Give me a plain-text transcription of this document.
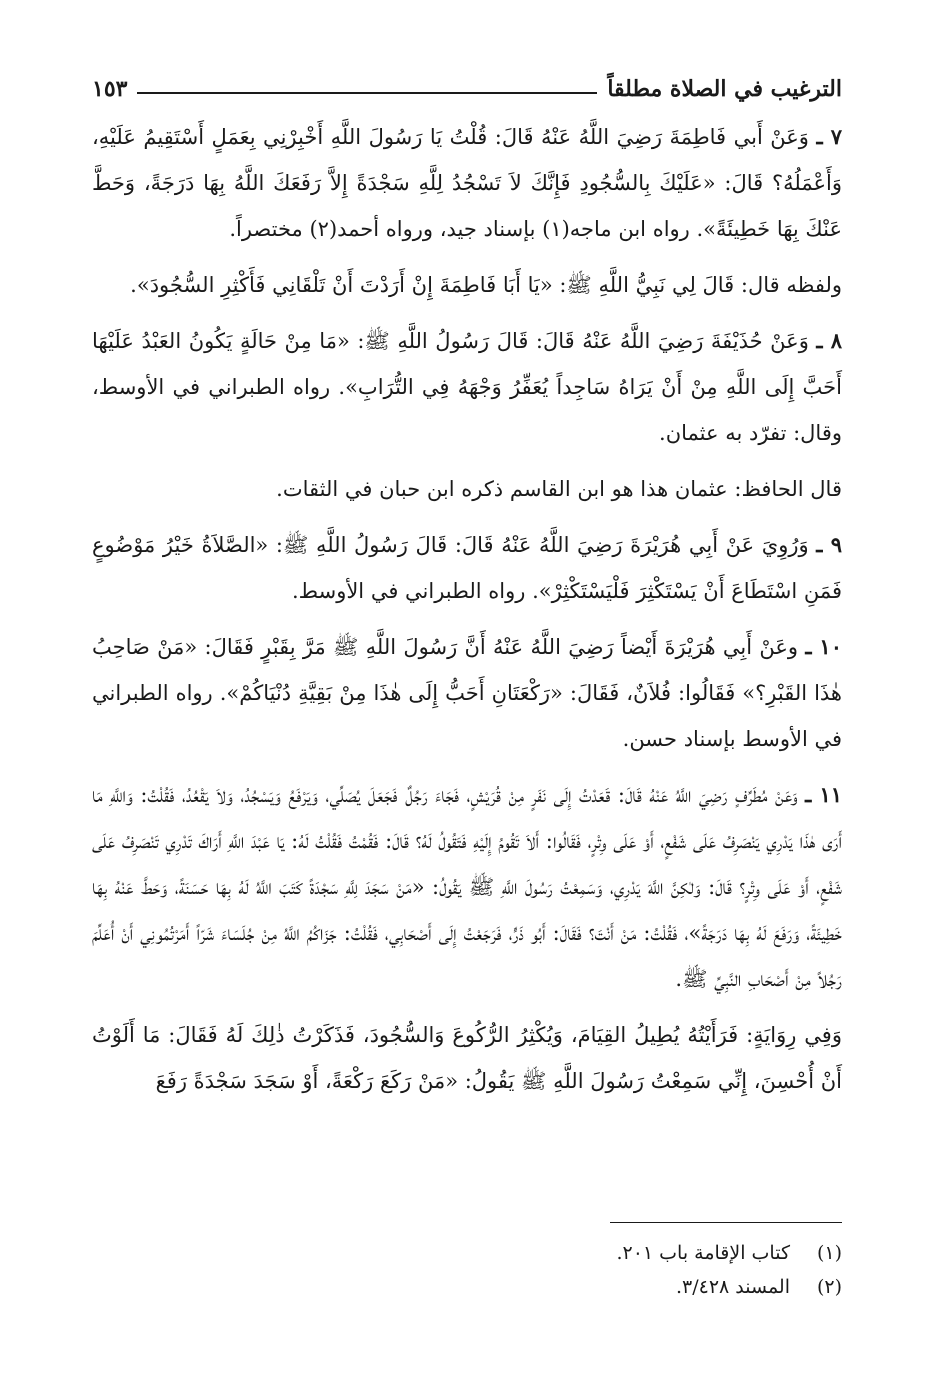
الترغيب في الصلاة مطلقاً
١٥٣

٧ ـ وَعَنْ أَبي فَاطِمَةَ رَضِيَ اللَّهُ عَنْهُ قَالَ: قُلْتُ يَا رَسُولَ اللَّهِ أَخْبِرْنِي بِعَمَلٍ أَسْتَقِيمُ عَلَيْهِ، وَأَعْمَلُهُ؟ قَالَ: «عَلَيْكَ بِالسُّجُودِ فَإِنَّكَ لاَ تَسْجُدُ لِلَّهِ سَجْدَةً إِلاَّ رَفَعَكَ اللَّهُ بِهَا دَرَجَةً، وَحَطَّ عَنْكَ بِهَا خَطِيئَةً». رواه ابن ماجه(١) بإسناد جيد، ورواه أحمد(٢) مختصراً.

ولفظه قال: قَالَ لِي نَبِيُّ اللَّهِ ﷺ: «يَا أَبَا فَاطِمَةَ إِنْ أَرَدْتَ أَنْ تَلْقَانِي فَأَكْثِرِ السُّجُودَ».

٨ ـ وَعَنْ حُذَيْفَةَ رَضِيَ اللَّهُ عَنْهُ قَالَ: قَالَ رَسُولُ اللَّهِ ﷺ: «مَا مِنْ حَالَةٍ يَكُونُ العَبْدُ عَلَيْهَا أَحَبَّ إِلَى اللَّهِ مِنْ أَنْ يَرَاهُ سَاجِداً يُعَفِّرُ وَجْهَهُ فِي التُّرَابِ». رواه الطبراني في الأوسط، وقال: تفرّد به عثمان.

قال الحافظ: عثمان هذا هو ابن القاسم ذكره ابن حبان في الثقات.

٩ ـ وَرُوِيَ عَنْ أَبِي هُرَيْرَةَ رَضِيَ اللَّهُ عَنْهُ قَالَ: قَالَ رَسُولُ اللَّهِ ﷺ: «الصَّلاَةُ خَيْرُ مَوْضُوعٍ فَمَنِ اسْتَطَاعَ أَنْ يَسْتَكْثِرَ فَلْيَسْتَكْثِرْ». رواه الطبراني في الأوسط.

١٠ ـ وعَنْ أَبِي هُرَيْرَةَ أَيْضاً رَضِيَ اللَّهُ عَنْهُ أَنَّ رَسُولَ اللَّهِ ﷺ مَرَّ بِقَبْرٍ فَقَالَ: «مَنْ صَاحِبُ هٰذَا القَبْرِ؟» فَقَالُوا: فُلاَنٌ، فَقَالَ: «رَكْعَتَانِ أَحَبُّ إِلَى هٰذَا مِنْ بَقِيَّةِ دُنْيَاكُمْ». رواه الطبراني في الأوسط بإسناد حسن.

١١ ـ وَعَنْ مُطَرِّفٍ رَضِيَ اللَّهُ عَنْهُ قَالَ: قَعَدْتُ إِلَى نَفَرٍ مِنْ قُرَيْشٍ، فَجَاءَ رَجُلٌ فَجَعَلَ يُصَلِّي، وَيَرْفَعُ وَيَسْجُدُ، وَلاَ يَقْعُدُ، فَقُلْتُ: وَاللَّهِ مَا أَرَى هٰذَا يَدْرِي يَنْصَرِفُ عَلَى شَفْعٍ، أَوْ عَلَى وِتْرٍ، فَقَالُوا: أَلاَ تَقُومُ إِلَيْهِ فَتَقُولُ لَهُ؟ قَالَ: فَقُمْتُ فَقُلْتُ لَهُ: يَا عَبْدَ اللَّهِ أَرَاكَ تَدْرِي تَنْصَرِفُ عَلَى شَفْعٍ، أَوْ عَلَى وِتْرٍ؟ قَالَ: وَلٰكِنَّ اللَّهَ يَدْرِي، وَسَمِعْتُ رَسُولَ اللَّهِ ﷺ يَقُولُ: «مَنْ سَجَدَ لِلَّهِ سَجْدَةً كَتَبَ اللَّهُ لَهُ بِهَا حَسَنَةً، وَحَطَّ عَنْهُ بِهَا خَطِيئَةً، وَرَفَعَ لَهُ بِهَا دَرَجَةً»، فَقُلْتُ: مَنْ أَنْتَ؟ فَقَالَ: أَبُو ذَرٍّ، فَرَجَعْتُ إِلَى أَصْحَابِي، فَقُلْتُ: جَزَاكُمُ اللَّهُ مِنْ جُلَسَاءَ شَرّاً أَمَرْتُمُونِي أَنْ أُعَلِّمَ رَجُلاً مِنْ أَصْحَابِ النَّبِيِّ ﷺ.

وَفِي رِوَايَةٍ: فَرَأَيْتُهُ يُطِيلُ القِيَامَ، وَيُكْثِرُ الرُّكُوعَ وَالسُّجُودَ، فَذَكَرْتُ ذٰلِكَ لَهُ فَقَالَ: مَا أَلَوْتُ أَنْ أُحْسِنَ، إِنِّي سَمِعْتُ رَسُولَ اللَّهِ ﷺ يَقُولُ: «مَنْ رَكَعَ رَكْعَةً، أَوْ سَجَدَ سَجْدَةً رَفَعَ

(١)
كتاب الإقامة باب ٢٠١.
(٢)
المسند ٣/٤٢٨.
